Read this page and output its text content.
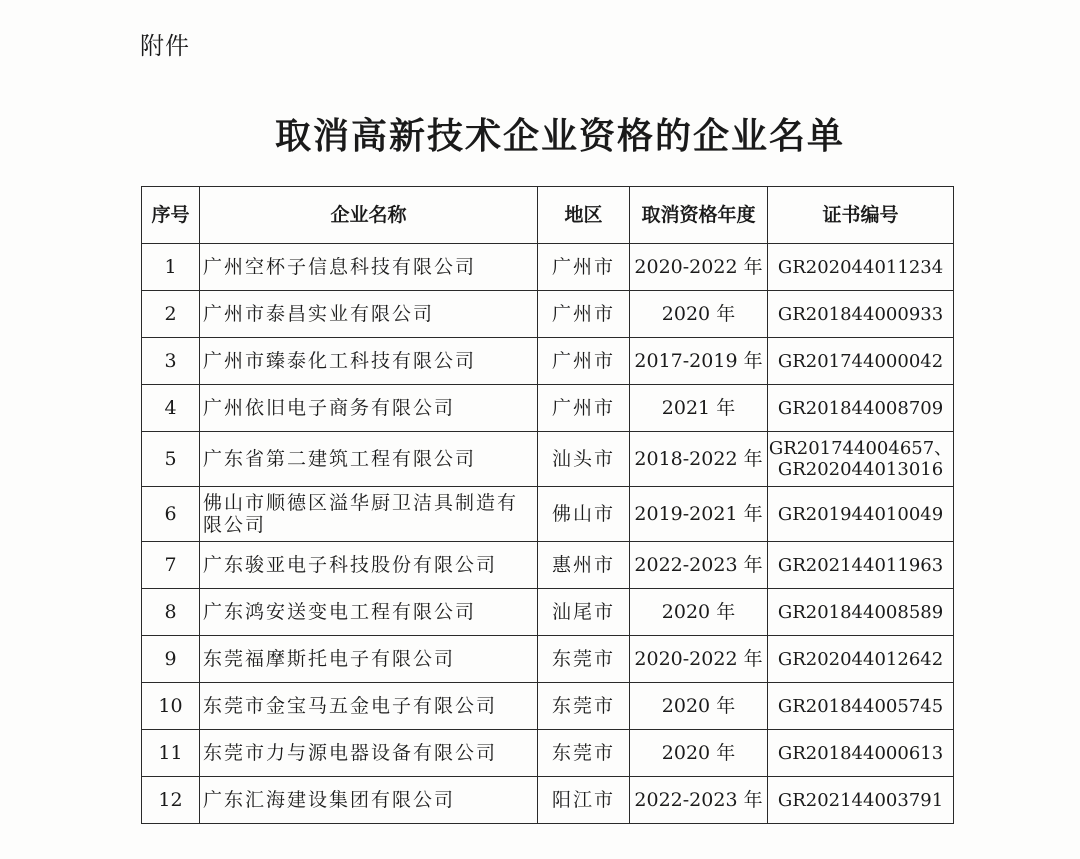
附件
取消高新技术企业资格的企业名单
序号	企业名称	地区	取消资格年度	证书编号
1	广州空杯子信息科技有限公司	广州市	2020-2022 年	GR202044011234
2	广州市泰昌实业有限公司	广州市	2020 年	GR201844000933
3	广州市臻泰化工科技有限公司	广州市	2017-2019 年	GR201744000042
4	广州依旧电子商务有限公司	广州市	2021 年	GR201844008709
5	广东省第二建筑工程有限公司	汕头市	2018-2022 年	GR201744004657、GR202044013016
6	佛山市顺德区溢华厨卫洁具制造有限公司	佛山市	2019-2021 年	GR201944010049
7	广东骏亚电子科技股份有限公司	惠州市	2022-2023 年	GR202144011963
8	广东鸿安送变电工程有限公司	汕尾市	2020 年	GR201844008589
9	东莞福摩斯托电子有限公司	东莞市	2020-2022 年	GR202044012642
10	东莞市金宝马五金电子有限公司	东莞市	2020 年	GR201844005745
11	东莞市力与源电器设备有限公司	东莞市	2020 年	GR201844000613
12	广东汇海建设集团有限公司	阳江市	2022-2023 年	GR202144003791
